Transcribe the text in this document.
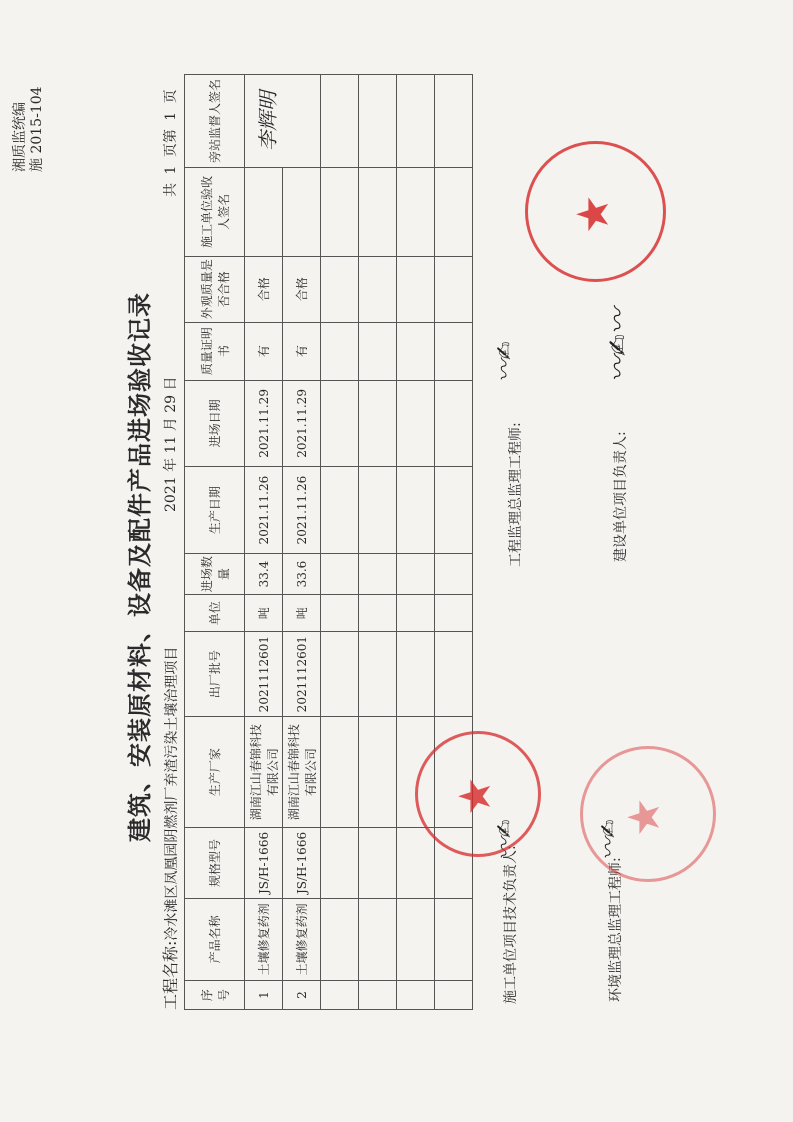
湘质监统编 施 2015-104
建筑、安装原材料、设备及配件产品进场验收记录
工程名称:冷水滩区凤凰园阴燃剂厂弃渣污染土壤治理项目
2021 年 11 月 29 日
共 1 页第 1 页
序号	产品名称	规格型号	生产厂家	出厂批号	单位	进场数量	生产日期	进场日期	质量证明书	外观质量是否合格	施工单位验收人签名	旁站监督人签名
1	土壤修复药剂	JS/H-1666	湖南江山春锦科技有限公司	2021112601	吨	33.4	2021.11.26	2021.11.29	有	合格		李辉明
2	土壤修复药剂	JS/H-1666	湖南江山春锦科技有限公司	2021112601	吨	33.6	2021.11.26	2021.11.29	有	合格		

施工单位项目技术负责人:
〰✍
工程监理总监理工程师:
〰✍
环境监理总监理工程师:
〰✍
建设单位项目负责人:
〰✍〰
★
★
★
